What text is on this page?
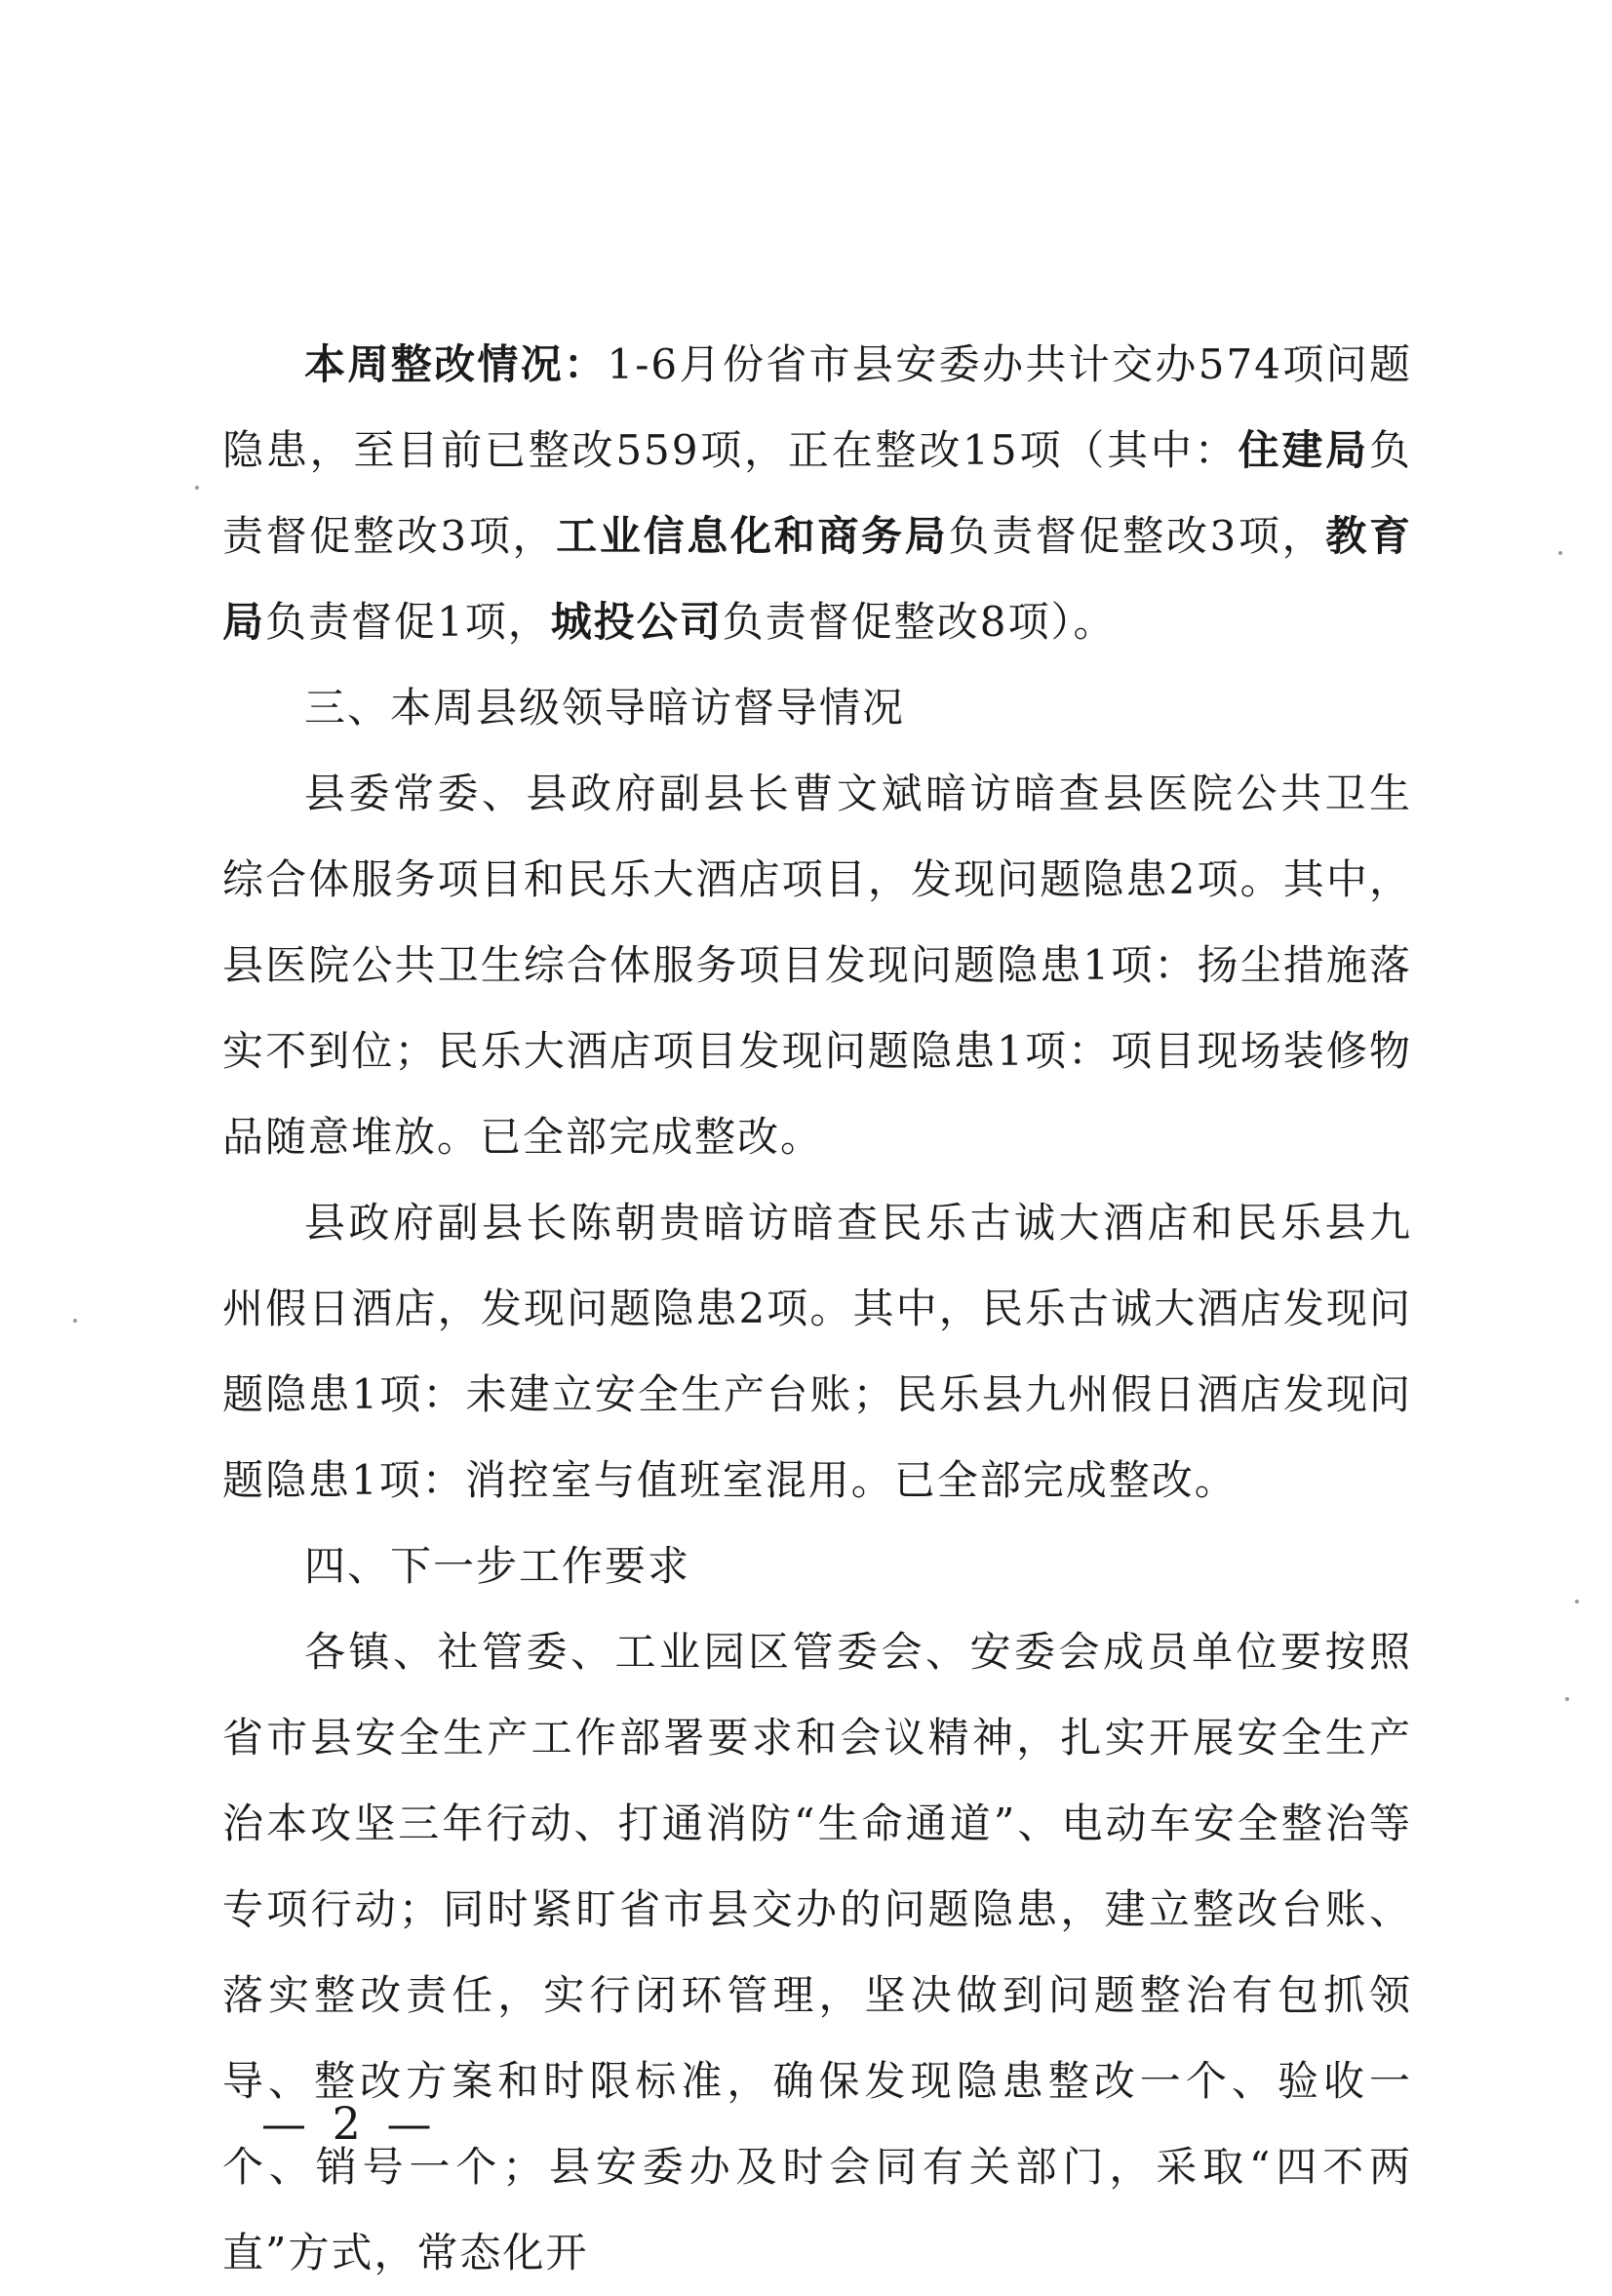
本周整改情况：1-6月份省市县安委办共计交办574项问题隐患，至目前已整改559项，正在整改15项（其中：住建局负责督促整改3项，工业信息化和商务局负责督促整改3项，教育局负责督促1项，城投公司负责督促整改8项）。

三、本周县级领导暗访督导情况

县委常委、县政府副县长曹文斌暗访暗查县医院公共卫生综合体服务项目和民乐大酒店项目，发现问题隐患2项。其中，县医院公共卫生综合体服务项目发现问题隐患1项：扬尘措施落实不到位；民乐大酒店项目发现问题隐患1项：项目现场装修物品随意堆放。已全部完成整改。

县政府副县长陈朝贵暗访暗查民乐古诚大酒店和民乐县九州假日酒店，发现问题隐患2项。其中，民乐古诚大酒店发现问题隐患1项：未建立安全生产台账；民乐县九州假日酒店发现问题隐患1项：消控室与值班室混用。已全部完成整改。

四、下一步工作要求

各镇、社管委、工业园区管委会、安委会成员单位要按照省市县安全生产工作部署要求和会议精神，扎实开展安全生产治本攻坚三年行动、打通消防“生命通道”、电动车安全整治等专项行动；同时紧盯省市县交办的问题隐患，建立整改台账、落实整改责任，实行闭环管理，坚决做到问题整治有包抓领导、整改方案和时限标准，确保发现隐患整改一个、验收一个、销号一个；县安委办及时会同有关部门，采取“四不两直”方式，常态化开

— 2 —
